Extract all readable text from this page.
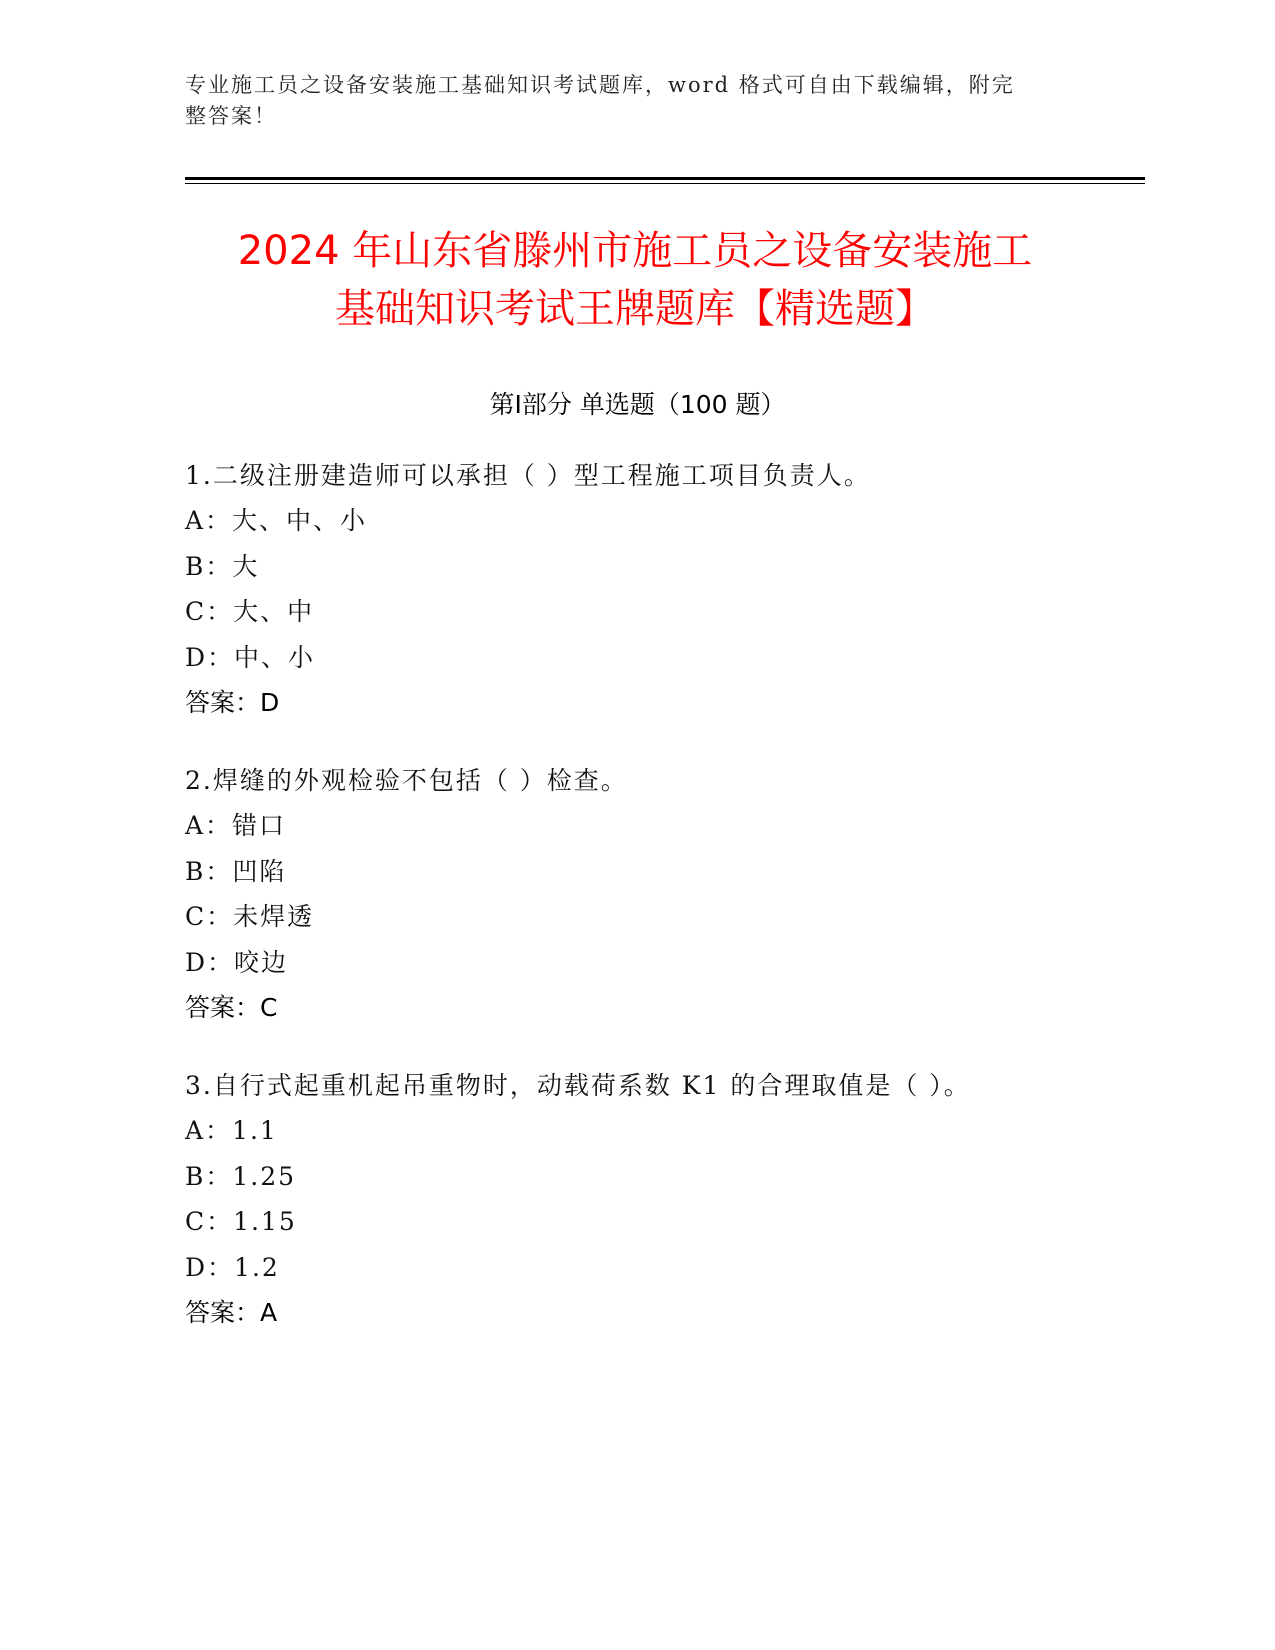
专业施工员之设备安装施工基础知识考试题库，word 格式可自由下载编辑，附完
整答案！
2024 年山东省滕州市施工员之设备安装施工
基础知识考试王牌题库【精选题】
第Ⅰ部分 单选题（100 题）
1.二级注册建造师可以承担（ ）型工程施工项目负责人。
A：大、中、小
B：大
C：大、中
D：中、小
答案：D
2.焊缝的外观检验不包括（ ）检查。
A：错口
B：凹陷
C：未焊透
D：咬边
答案：C
3.自行式起重机起吊重物时，动载荷系数 K1 的合理取值是（ ）。
A：1.1
B：1.25
C：1.15
D：1.2
答案：A
